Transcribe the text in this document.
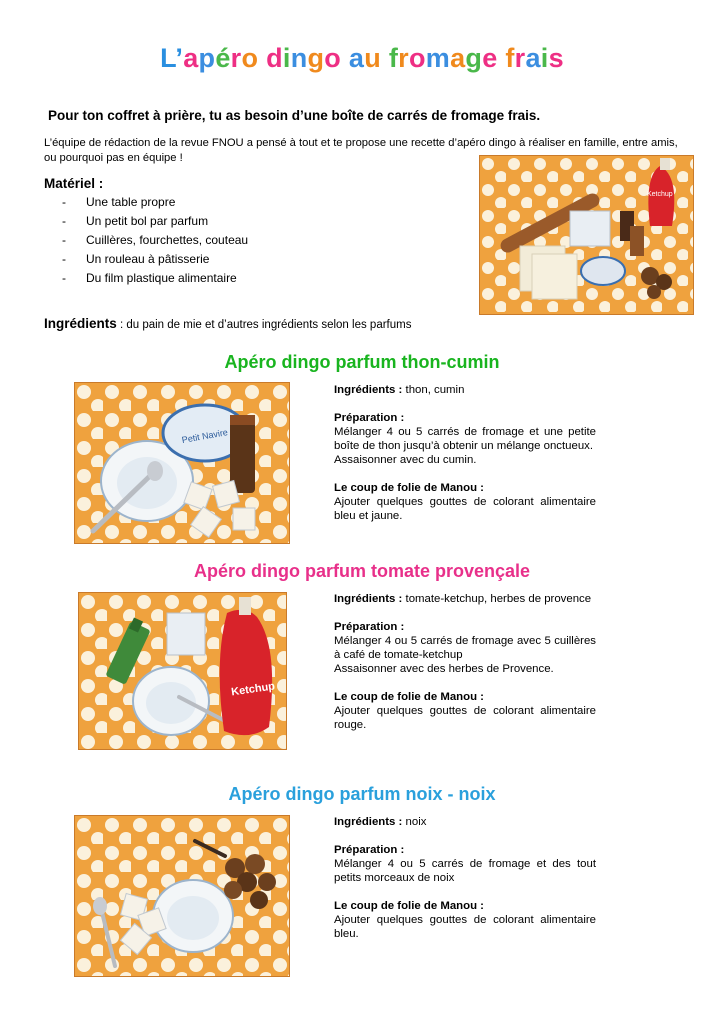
L’apéro dingo au fromage frais
Pour ton coffret à prière, tu as besoin d’une boîte de carrés de fromage frais.
L’équipe de rédaction de la revue FNOU a pensé à tout et te propose une recette d’apéro dingo à réaliser en famille, entre amis, ou pourquoi pas en équipe !
Ketchup
Matériel :
-	Une table propre
-	Un petit bol par parfum
-	Cuillères, fourchettes, couteau
-	Un rouleau à pâtisserie
-	Du film plastique alimentaire
Ingrédients : du pain de mie et d’autres ingrédients selon les parfums
Apéro dingo parfum thon-cumin
Petit Navire

Ingrédients : thon, cumin

Préparation :
Mélanger 4 ou 5 carrés de fromage et une petite boîte de thon jusqu’à obtenir un mélange onctueux.
Assaisonner avec du cumin.

Le coup de folie de Manou :
Ajouter quelques gouttes de colorant alimentaire bleu et jaune.

Apéro dingo parfum tomate provençale
Ketchup

Ingrédients : tomate-ketchup, herbes de provence

Préparation :
Mélanger 4 ou 5 carrés de fromage avec 5 cuillères à café de tomate-ketchup
Assaisonner avec des herbes de Provence.

Le coup de folie de Manou :
Ajouter quelques gouttes de colorant alimentaire rouge.

Apéro dingo parfum noix - noix

Ingrédients : noix

Préparation :
Mélanger 4 ou 5 carrés de fromage et des tout petits morceaux de noix

Le coup de folie de Manou :
Ajouter quelques gouttes de colorant alimentaire bleu.
